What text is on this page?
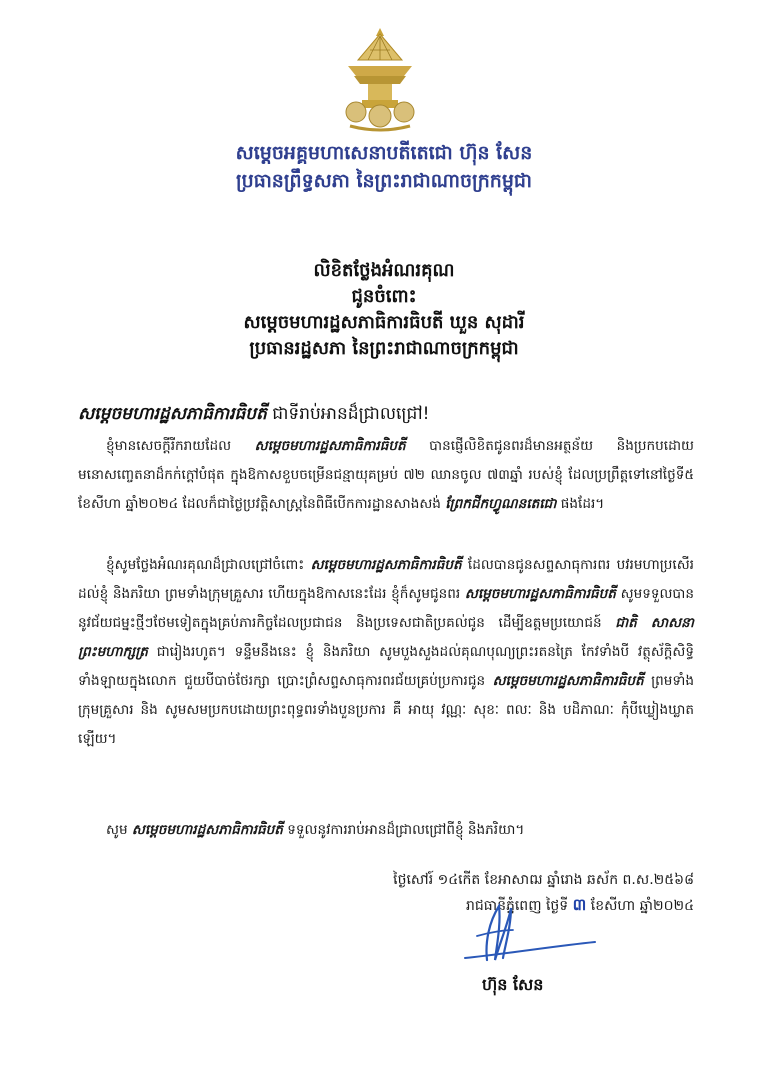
សម្តេចអគ្គមហាសេនាបតីតេជោ ហ៊ុន សែន
ប្រធានព្រឹទ្ធសភា នៃព្រះរាជាណាចក្រកម្ពុជា
លិខិតថ្លែងអំណរគុណ
ជូនចំពោះ
សម្តេចមហារដ្ឋសភាធិការធិបតី ឃួន សុដារី
ប្រធានរដ្ឋសភា នៃព្រះរាជាណាចក្រកម្ពុជា
សម្តេចមហារដ្ឋសភាធិការធិបតី ជាទីរាប់អានដ៏ជ្រាលជ្រៅ!
ខ្ញុំមានសេចក្តីរីករាយដែល សម្តេចមហារដ្ឋសភាធិការធិបតី បានផ្ញើលិខិតជូនពរដ៏មានអត្ថន័យ និងប្រកបដោយមនោសញ្ចេតនាដ៏កក់ក្តៅបំផុត ក្នុងឱកាសខួបចម្រើនជន្មាយុគម្រប់ ៧២ ឈានចូល ៧៣ឆ្នាំ របស់ខ្ញុំ ដែលប្រព្រឹត្តទៅនៅថ្ងៃទី៥ ខែសីហា ឆ្នាំ២០២៤ ដែលក៏ជាថ្ងៃប្រវត្តិសាស្ត្រនៃពិធីបើកការដ្ឋានសាងសង់ ព្រែកជីកហ្វូណនតេជោ ផងដែរ។
ខ្ញុំសូមថ្លែងអំណរគុណដ៏ជ្រាលជ្រៅចំពោះ សម្តេចមហារដ្ឋសភាធិការធិបតី ដែលបានជូនសព្ទសាធុការពរ បវរមហាប្រសើរដល់ខ្ញុំ និងភរិយា ព្រមទាំងក្រុមគ្រួសារ ហើយក្នុងឱកាសនេះដែរ ខ្ញុំក៏សូមជូនពរ សម្តេចមហារដ្ឋសភាធិការធិបតី សូមទទួលបាននូវជ័យជម្នះថ្មីៗថែមទៀតក្នុងគ្រប់ភារកិច្ចដែលប្រជាជន និងប្រទេសជាតិប្រគល់ជូន ដើម្បីឧត្តមប្រយោជន៍ ជាតិ សាសនា ព្រះមហាក្សត្រ ជារៀងរហូត។ ទន្ទឹមនឹងនេះ ខ្ញុំ និងភរិយា សូមបួងសួងដល់គុណបុណ្យព្រះរតនត្រៃ កែវទាំងបី វត្ថុស័ក្តិសិទ្ធិទាំងឡាយក្នុងលោក ជួយបីបាច់ថែរក្សា ប្រោះព្រំសព្ទសាធុការពរជ័យគ្រប់ប្រការជូន សម្តេចមហារដ្ឋសភាធិការធិបតី ព្រមទាំងក្រុមគ្រួសារ និង សូមសមប្រកបដោយព្រះពុទ្ធពរទាំងបួនប្រការ គឺ អាយុ វណ្ណៈ សុខៈ ពលៈ និង បដិភាណៈ កុំបីឃ្លៀងឃ្លាតឡើយ។
សូម សម្តេចមហារដ្ឋសភាធិការធិបតី ទទួលនូវការរាប់អានដ៏ជ្រាលជ្រៅពីខ្ញុំ និងភរិយា។
ថ្ងៃសៅរ៍ ១៤កើត ខែអាសាឍ ឆ្នាំរោង ឆស័ក ព.ស.២៥៦៨
រាជធានីភ្នំពេញ ថ្ងៃទី ៣ ខែសីហា ឆ្នាំ២០២៤
ហ៊ុន សែន
